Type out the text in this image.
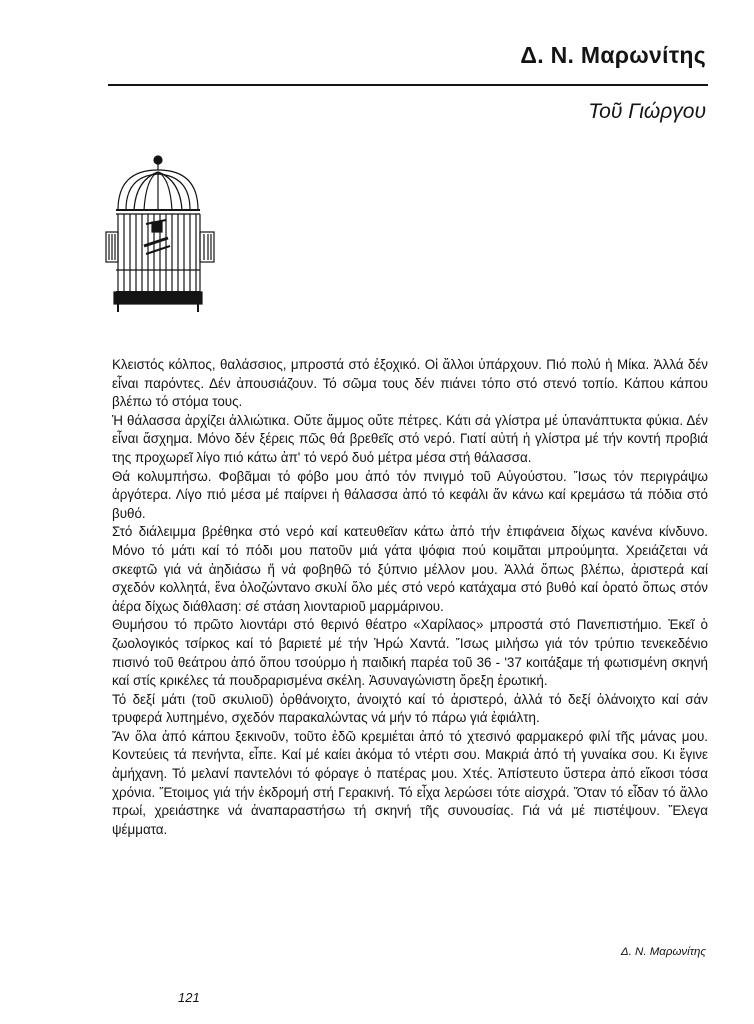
Δ. Ν. Μαρωνίτης
Τοῦ Γιώργου

Κλειστός κόλπος, θαλάσσιος, μπροστά στό ἐξοχικό. Οἱ ἄλλοι ὑπάρχουν. Πιό πολύ ἡ Μίκα. Ἀλλά δέν εἶναι παρόντες. Δέν ἀπουσιάζουν. Τό σῶμα τους δέν πιάνει τόπο στό στενό τοπίο. Κάπου κάπου βλέπω τό στόμα τους.

Ἡ θάλασσα ἀρχίζει ἀλλιώτικα. Οὔτε ἄμμος οὔτε πέτρες. Κάτι σά γλίστρα μέ ὑπανάπτυκτα φύκια. Δέν εἶναι ἄσχημα. Μόνο δέν ξέρεις πῶς θά βρεθεῖς στό νερό. Γιατί αὐτή ἡ γλίστρα μέ τήν κοντή προβιά της προχωρεῖ λίγο πιό κάτω ἀπ' τό νερό δυό μέτρα μέσα στή θάλασσα.

Θά κολυμπήσω. Φοβᾶμαι τό φόβο μου ἀπό τόν πνιγμό τοῦ Αὐγούστου. Ἴσως τόν περιγράψω ἀργότερα. Λίγο πιό μέσα μέ παίρνει ἡ θάλασσα ἀπό τό κεφάλι ἄν κάνω καί κρεμάσω τά πόδια στό βυθό.

Στό διάλειμμα βρέθηκα στό νερό καί κατευθεῖαν κάτω ἀπό τήν ἐπιφάνεια δίχως κανένα κίνδυνο. Μόνο τό μάτι καί τό πόδι μου πατοῦν μιά γάτα ψόφια πού κοιμᾶται μπρούμητα. Χρειάζεται νά σκεφτῶ γιά νά ἀηδιάσω ἤ νά φοβηθῶ τό ξύπνιο μέλλον μου. Ἀλλά ὅπως βλέπω, ἀριστερά καί σχεδόν κολλητά, ἕνα ὁλοζώντανο σκυλί ὅλο μές στό νερό κατάχαμα στό βυθό καί ὁρατό ὅπως στόν ἀέρα δίχως διάθλαση: σέ στάση λιονταριοῦ μαρμάρινου.

Θυμήσου τό πρῶτο λιοντάρι στό θερινό θέατρο «Χαρίλαος» μπροστά στό Πανεπιστήμιο. Ἐκεῖ ὁ ζωολογικός τσίρκος καί τό βαριετέ μέ τήν Ἡρώ Χαντά. Ἴσως μιλήσω γιά τόν τρύπιο τενεκεδένιο πισινό τοῦ θεάτρου ἀπό ὅπου τσούρμο ἡ παιδική παρέα τοῦ 36 - '37 κοιτάξαμε τή φωτισμένη σκηνή καί στίς κρικέλες τά πουδραρισμένα σκέλη. Ἀσυναγώνιστη ὄρεξη ἐρωτική.

Τό δεξί μάτι (τοῦ σκυλιοῦ) ὀρθάνοιχτο, ἀνοιχτό καί τό ἀριστερό, ἀλλά τό δεξί ὁλάνοιχτο καί σάν τρυφερά λυπημένο, σχεδόν παρακαλώντας νά μήν τό πάρω γιά ἐφιάλτη.

Ἄν ὅλα ἀπό κάπου ξεκινοῦν, τοῦτο ἐδῶ κρεμιέται ἀπό τό χτεσινό φαρμακερό φιλί τῆς μάνας μου. Κοντεύεις τά πενήντα, εἶπε. Καί μέ καίει ἀκόμα τό ντέρτι σου. Μακριά ἀπό τή γυναίκα σου. Κι ἔγινε ἀμήχανη. Τό μελανί παντελόνι τό φόραγε ὁ πατέρας μου. Χτές. Ἀπίστευτο ὕστερα ἀπό εἴκοσι τόσα χρόνια. Ἕτοιμος γιά τήν ἐκδρομή στή Γερακινή. Τό εἶχα λερώσει τότε αἰσχρά. Ὅταν τό εἶδαν τό ἄλλο πρωί, χρειάστηκε νά ἀναπαραστήσω τή σκηνή τῆς συνουσίας. Γιά νά μέ πιστέψουν. Ἔλεγα ψέμματα.

Δ. Ν. Μαρωνίτης
121
